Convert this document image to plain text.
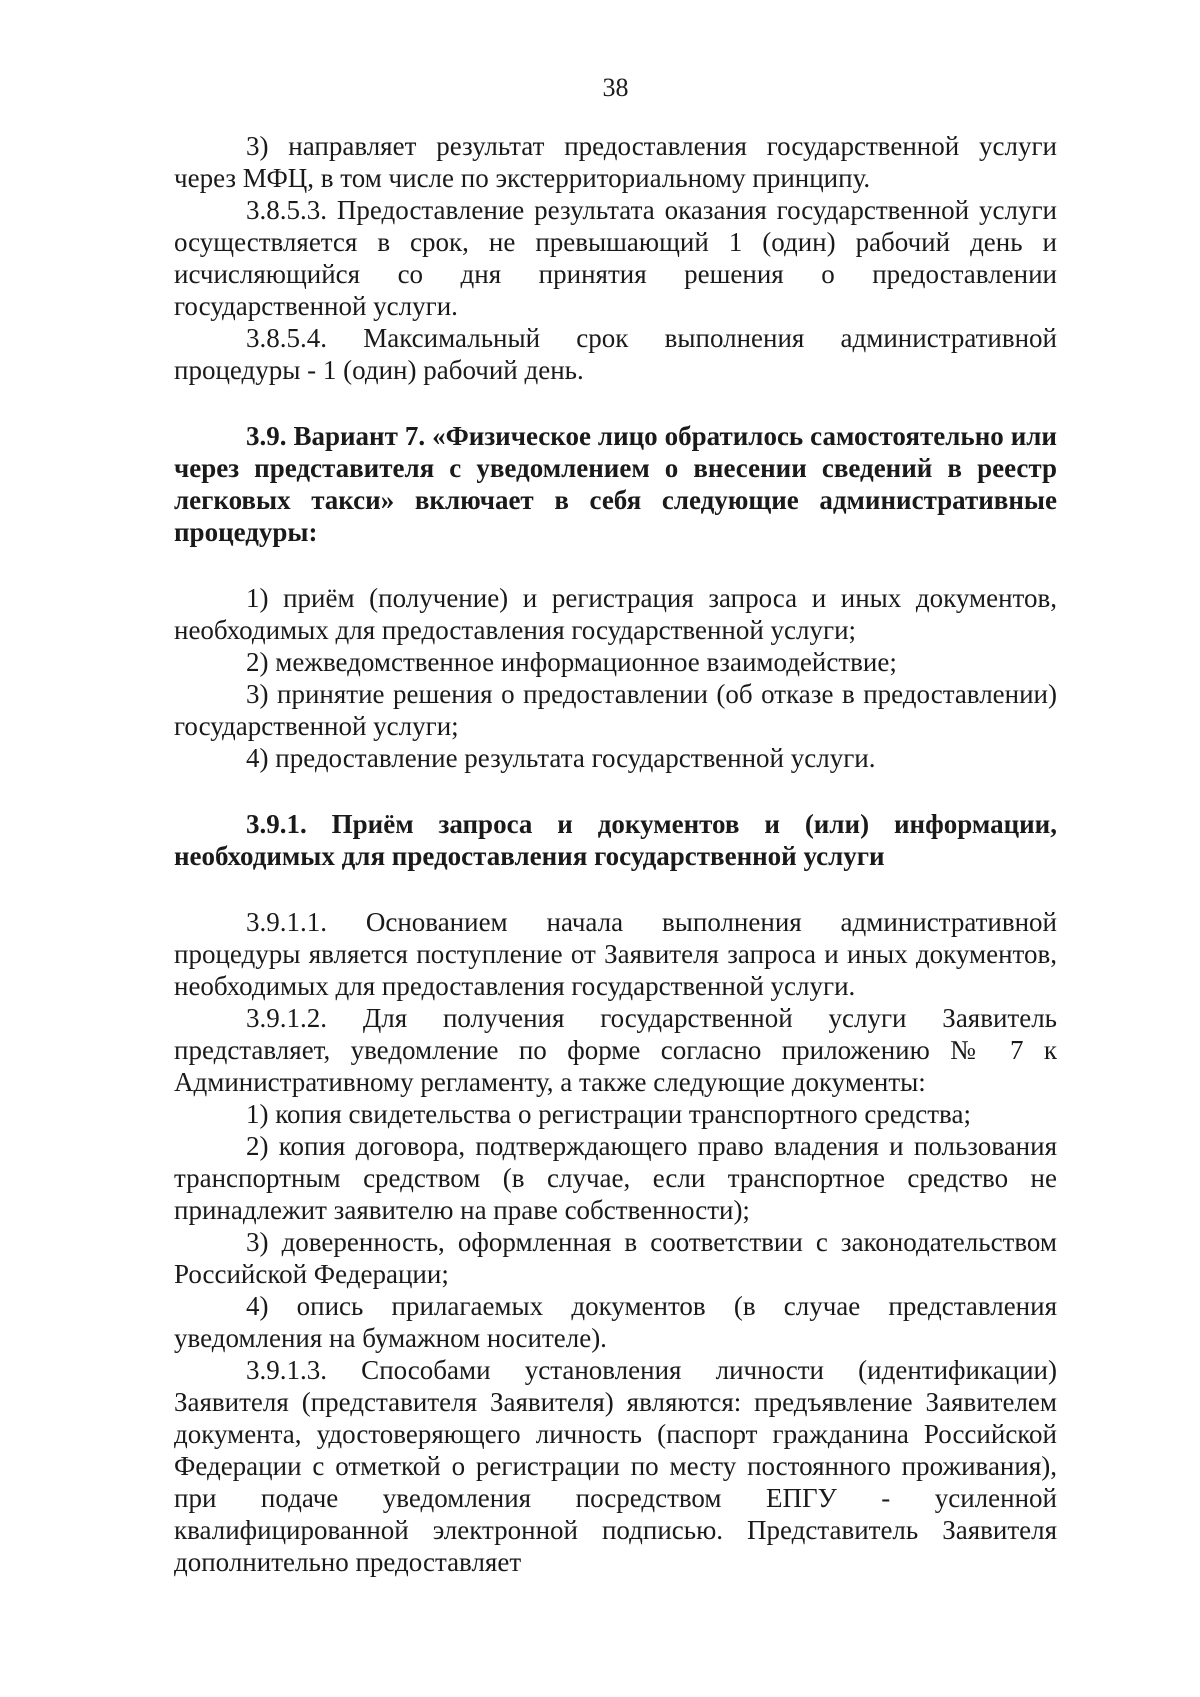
38

3) направляет результат предоставления государственной услуги через МФЦ, в том числе по экстерриториальному принципу.

3.8.5.3. Предоставление результата оказания государственной услуги осуществляется в срок, не превышающий 1 (один) рабочий день и исчисляющийся со дня принятия решения о предоставлении государственной услуги.

3.8.5.4. Максимальный срок выполнения административной процедуры - 1 (один) рабочий день.

3.9. Вариант 7. «Физическое лицо обратилось самостоятельно или через представителя с уведомлением о внесении сведений в реестр легковых такси» включает в себя следующие административные процедуры:

1) приём (получение) и регистрация запроса и иных документов, необходимых для предоставления государственной услуги;

2) межведомственное информационное взаимодействие;

3) принятие решения о предоставлении (об отказе в предоставлении) государственной услуги;

4) предоставление результата государственной услуги.

3.9.1. Приём запроса и документов и (или) информации, необходимых для предоставления государственной услуги

3.9.1.1. Основанием начала выполнения административной процедуры является поступление от Заявителя запроса и иных документов, необходимых для предоставления государственной услуги.

3.9.1.2. Для получения государственной услуги Заявитель представляет, уведомление по форме согласно приложению № 7 к Административному регламенту, а также следующие документы:

1) копия свидетельства о регистрации транспортного средства;

2) копия договора, подтверждающего право владения и пользования транспортным средством (в случае, если транспортное средство не принадлежит заявителю на праве собственности);

3) доверенность, оформленная в соответствии с законодательством Российской Федерации;

4) опись прилагаемых документов (в случае представления уведомления на бумажном носителе).

3.9.1.3. Способами установления личности (идентификации) Заявителя (представителя Заявителя) являются: предъявление Заявителем документа, удостоверяющего личность (паспорт гражданина Российской Федерации с отметкой о регистрации по месту постоянного проживания), при подаче уведомления посредством ЕПГУ - усиленной квалифицированной электронной подписью. Представитель Заявителя дополнительно предоставляет
